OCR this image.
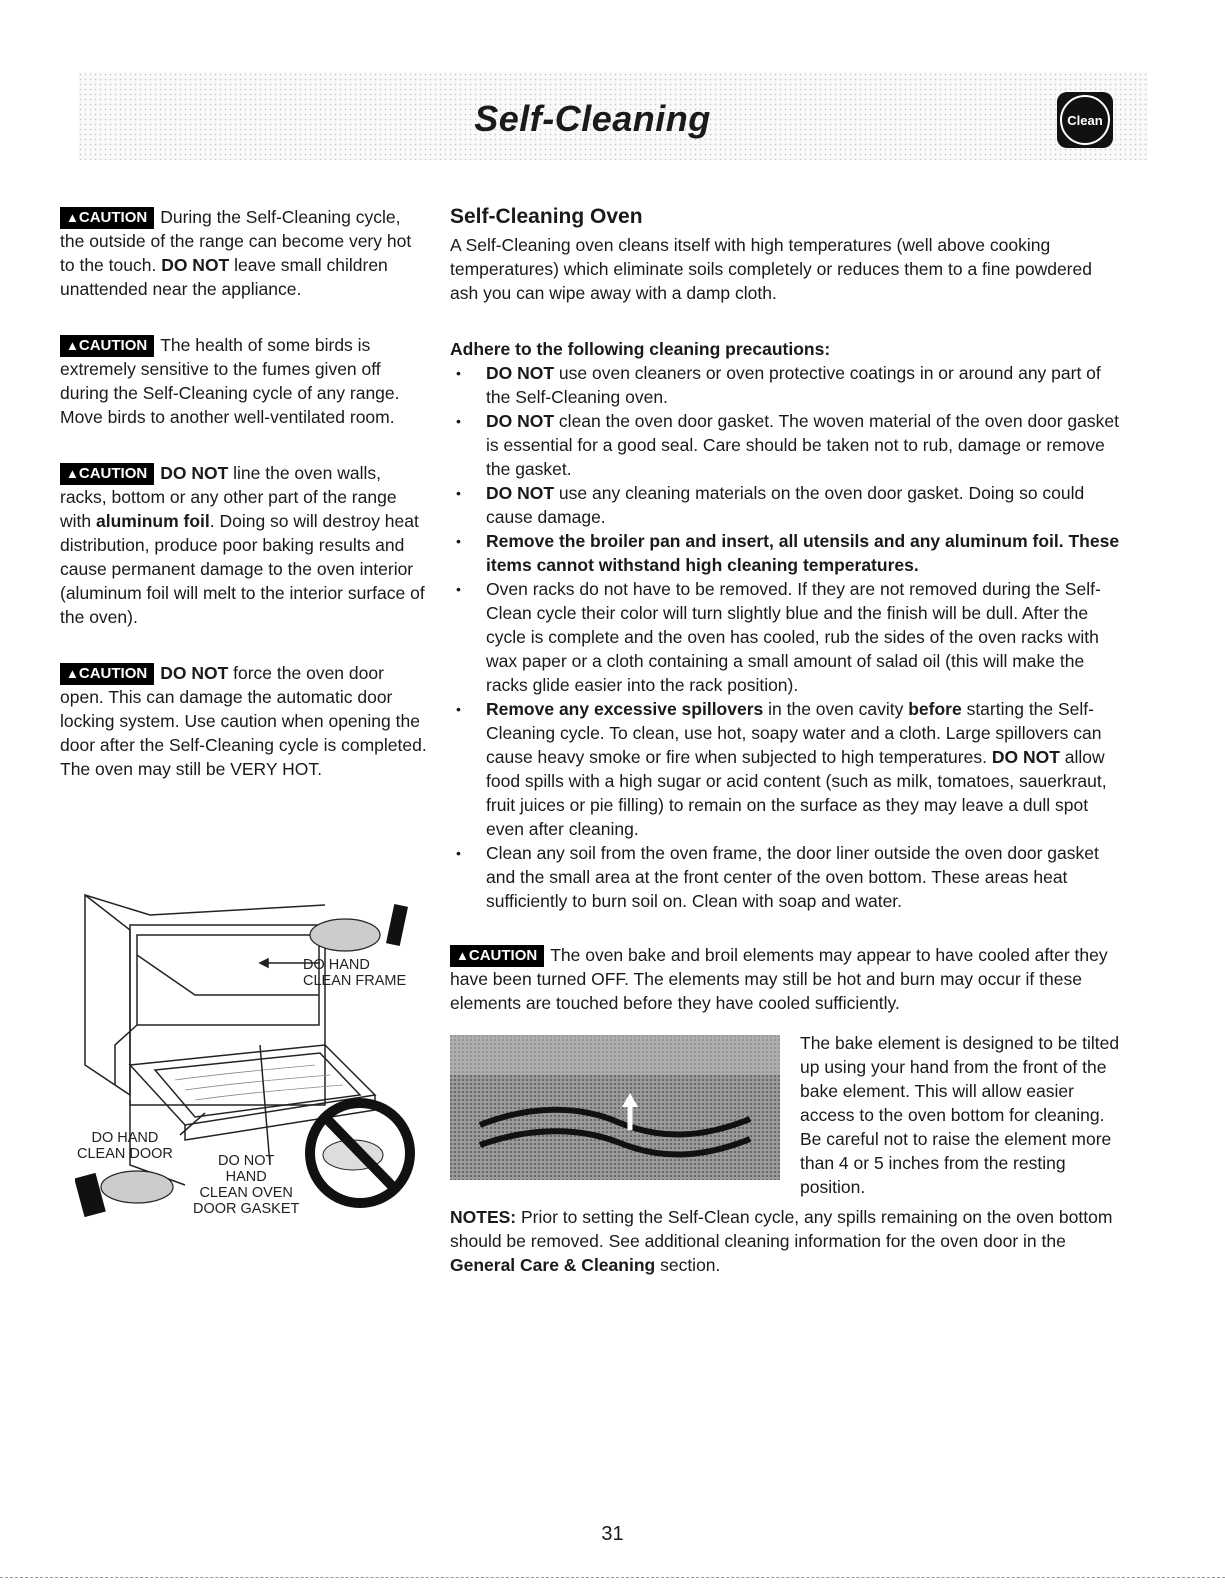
Self-Cleaning	Clean
▲CAUTION During the Self-Cleaning cycle, the outside of the range can become very hot to the touch. DO NOT leave small children unattended near the appliance.
▲CAUTION The health of some birds is extremely sensitive to the fumes given off during the Self-Cleaning cycle of any range. Move birds to another well-ventilated room.
▲CAUTION DO NOT line the oven walls, racks, bottom or any other part of the range with aluminum foil. Doing so will destroy heat distribution, produce poor baking results and cause permanent damage to the oven interior (aluminum foil will melt to the interior surface of the oven).
▲CAUTION DO NOT force the oven door open. This can damage the automatic door locking system. Use caution when opening the door after the Self-Cleaning cycle is completed. The oven may still be VERY HOT.
DO HAND
CLEAN FRAME
DO HAND
CLEAN DOOR	DO NOT
HAND
CLEAN OVEN
DOOR GASKET
Self-Cleaning Oven

A Self-Cleaning oven cleans itself with high temperatures (well above cooking temperatures) which eliminate soils completely or reduces them to a fine powdered ash you can wipe away with a damp cloth.

Adhere to the following cleaning precautions:

• DO NOT use oven cleaners or oven protective coatings in or around any part of the Self-Cleaning oven.
• DO NOT clean the oven door gasket. The woven material of the oven door gasket is essential for a good seal. Care should be taken not to rub, damage or remove the gasket.
• DO NOT use any cleaning materials on the oven door gasket. Doing so could cause damage.
• Remove the broiler pan and insert, all utensils and any aluminum foil. These items cannot withstand high cleaning temperatures.
• Oven racks do not have to be removed. If they are not removed during the Self-Clean cycle their color will turn slightly blue and the finish will be dull. After the cycle is complete and the oven has cooled, rub the sides of the oven racks with wax paper or a cloth containing a small amount of salad oil (this will make the racks glide easier into the rack position).
• Remove any excessive spillovers in the oven cavity before starting the Self-Cleaning cycle. To clean, use hot, soapy water and a cloth. Large spillovers can cause heavy smoke or fire when subjected to high temperatures. DO NOT allow food spills with a high sugar or acid content (such as milk, tomatoes, sauerkraut, fruit juices or pie filling) to remain on the surface as they may leave a dull spot even after cleaning.
• Clean any soil from the oven frame, the door liner outside the oven door gasket and the small area at the front center of the oven bottom. These areas heat sufficiently to burn soil on. Clean with soap and water.
▲CAUTION The oven bake and broil elements may appear to have cooled after they have been turned OFF. The elements may still be hot and burn may occur if these elements are touched before they have cooled sufficiently.

The bake element is designed to be tilted up using your hand from the front of the bake element. This will allow easier access to the oven bottom for cleaning. Be careful not to raise the element more than 4 or 5 inches from the resting position.

NOTES: Prior to setting the Self-Clean cycle, any spills remaining on the oven bottom should be removed. See additional cleaning information for the oven door in the General Care & Cleaning section.

31
